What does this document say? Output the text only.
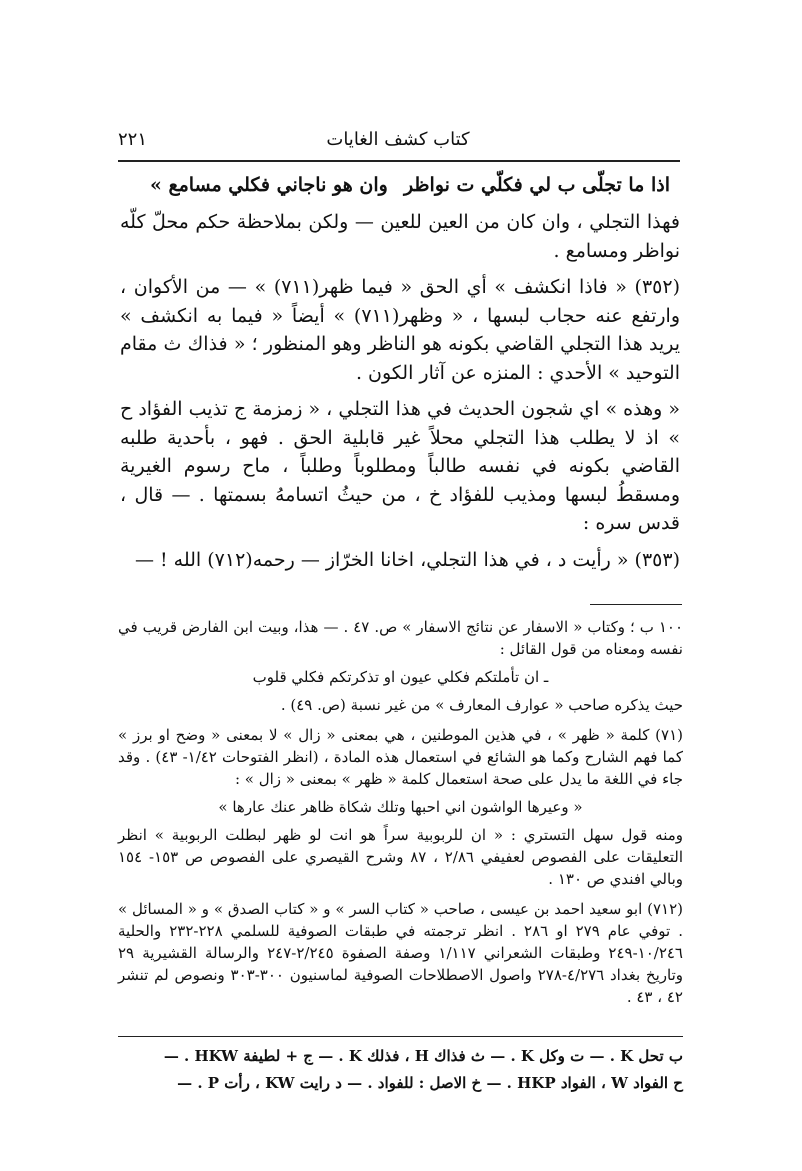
كتاب كشف الغايات
٢٢١
اذا ما تجلّى ب لي فكلّي ت نواظر
وان هو ناجاني فكلي مسامع »

فهذا التجلي ، وان كان من العين للعين — ولكن بملاحظة حكم محلّ كلّه نواظر ومسامع .

(٣٥٢) « فاذا انكشف » أي الحق « فيما ظهر(٧١١) » — من الأكوان ، وارتفع عنه حجاب لبسها ، « وظهر(٧١١) » أيضاً « فيما به انكشف » يريد هذا التجلي القاضي بكونه هو الناظر وهو المنظور ؛ « فذاك ث مقام التوحيد » الأحدي : المنزه عن آثار الكون .

« وهذه » اي شجون الحديث في هذا التجلي ، « زمزمة ج تذيب الفؤاد ح » اذ لا يطلب هذا التجلي محلاً غير قابلية الحق . فهو ، بأحدية طلبه القاضي بكونه في نفسه طالباً ومطلوباً وطلباً ، ماح رسوم الغيرية ومسقطُ لبسها ومذيب للفؤاد خ ، من حيثُ اتسامهُ بسمتها . — قال ، قدس سره :

(٣٥٣) « رأيت د ، في هذا التجلي، اخانا الخرّاز — رحمه(٧١٢) الله ! —

١٠٠ ب ؛ وكتاب « الاسفار عن نتائج الاسفار » ص. ٤٧ . — هذا، وبيت ابن الفارض قريب في نفسه ومعناه من قول القائل :

ـ ان تأملتكم فكلي عيون او تذكرتكم فكلي قلوب

حيث يذكره صاحب « عوارف المعارف » من غير نسبة (ص. ٤٩) .

(٧١) كلمة « ظهر » ، في هذين الموطنين ، هي بمعنى « زال » لا بمعنى « وضح او برز » كما فهم الشارح وكما هو الشائع في استعمال هذه المادة ، (انظر الفتوحات ١/٤٢- ٤٣) . وقد جاء في اللغة ما يدل على صحة استعمال كلمة « ظهر » بمعنى « زال » :

« وعيرها الواشون اني احبها وتلك شكاة ظاهر عنك عارها »

ومنه قول سهل التستري : « ان للربوبية سراً هو انت لو ظهر لبطلت الربوبية » انظر التعليقات على الفصوص لعفيفي ٢/٨٦ ، ٨٧ وشرح القيصري على الفصوص ص ١٥٣- ١٥٤ وبالي افندي ص ١٣٠ .

(٧١٢) ابو سعيد احمد بن عيسى ، صاحب « كتاب السر » و « كتاب الصدق » و « المسائل » . توفي عام ٢٧٩ او ٢٨٦ . انظر ترجمته في طبقات الصوفية للسلمي ٢٢٨-٢٣٢ والحلية ١٠/٢٤٦-٢٤٩ وطبقات الشعراني ١/١١٧ وصفة الصفوة ٢/٢٤٥-٢٤٧ والرسالة القشيرية ٢٩ وتاريخ بغداد ٤/٢٧٦-٢٧٨ واصول الاصطلاحات الصوفية لماسنيون ٣٠٠-٣٠٣ ونصوص لم تنشر ٤٢ ، ٤٣ .

ب تحل K . — ت وكل K . — ث فذاك H ، فذلك K . — ج + لطيفة HKW . —

ح الفواد W ، الفواد HKP . — خ الاصل : للفواد . — د رايت KW ، رأت P . —
